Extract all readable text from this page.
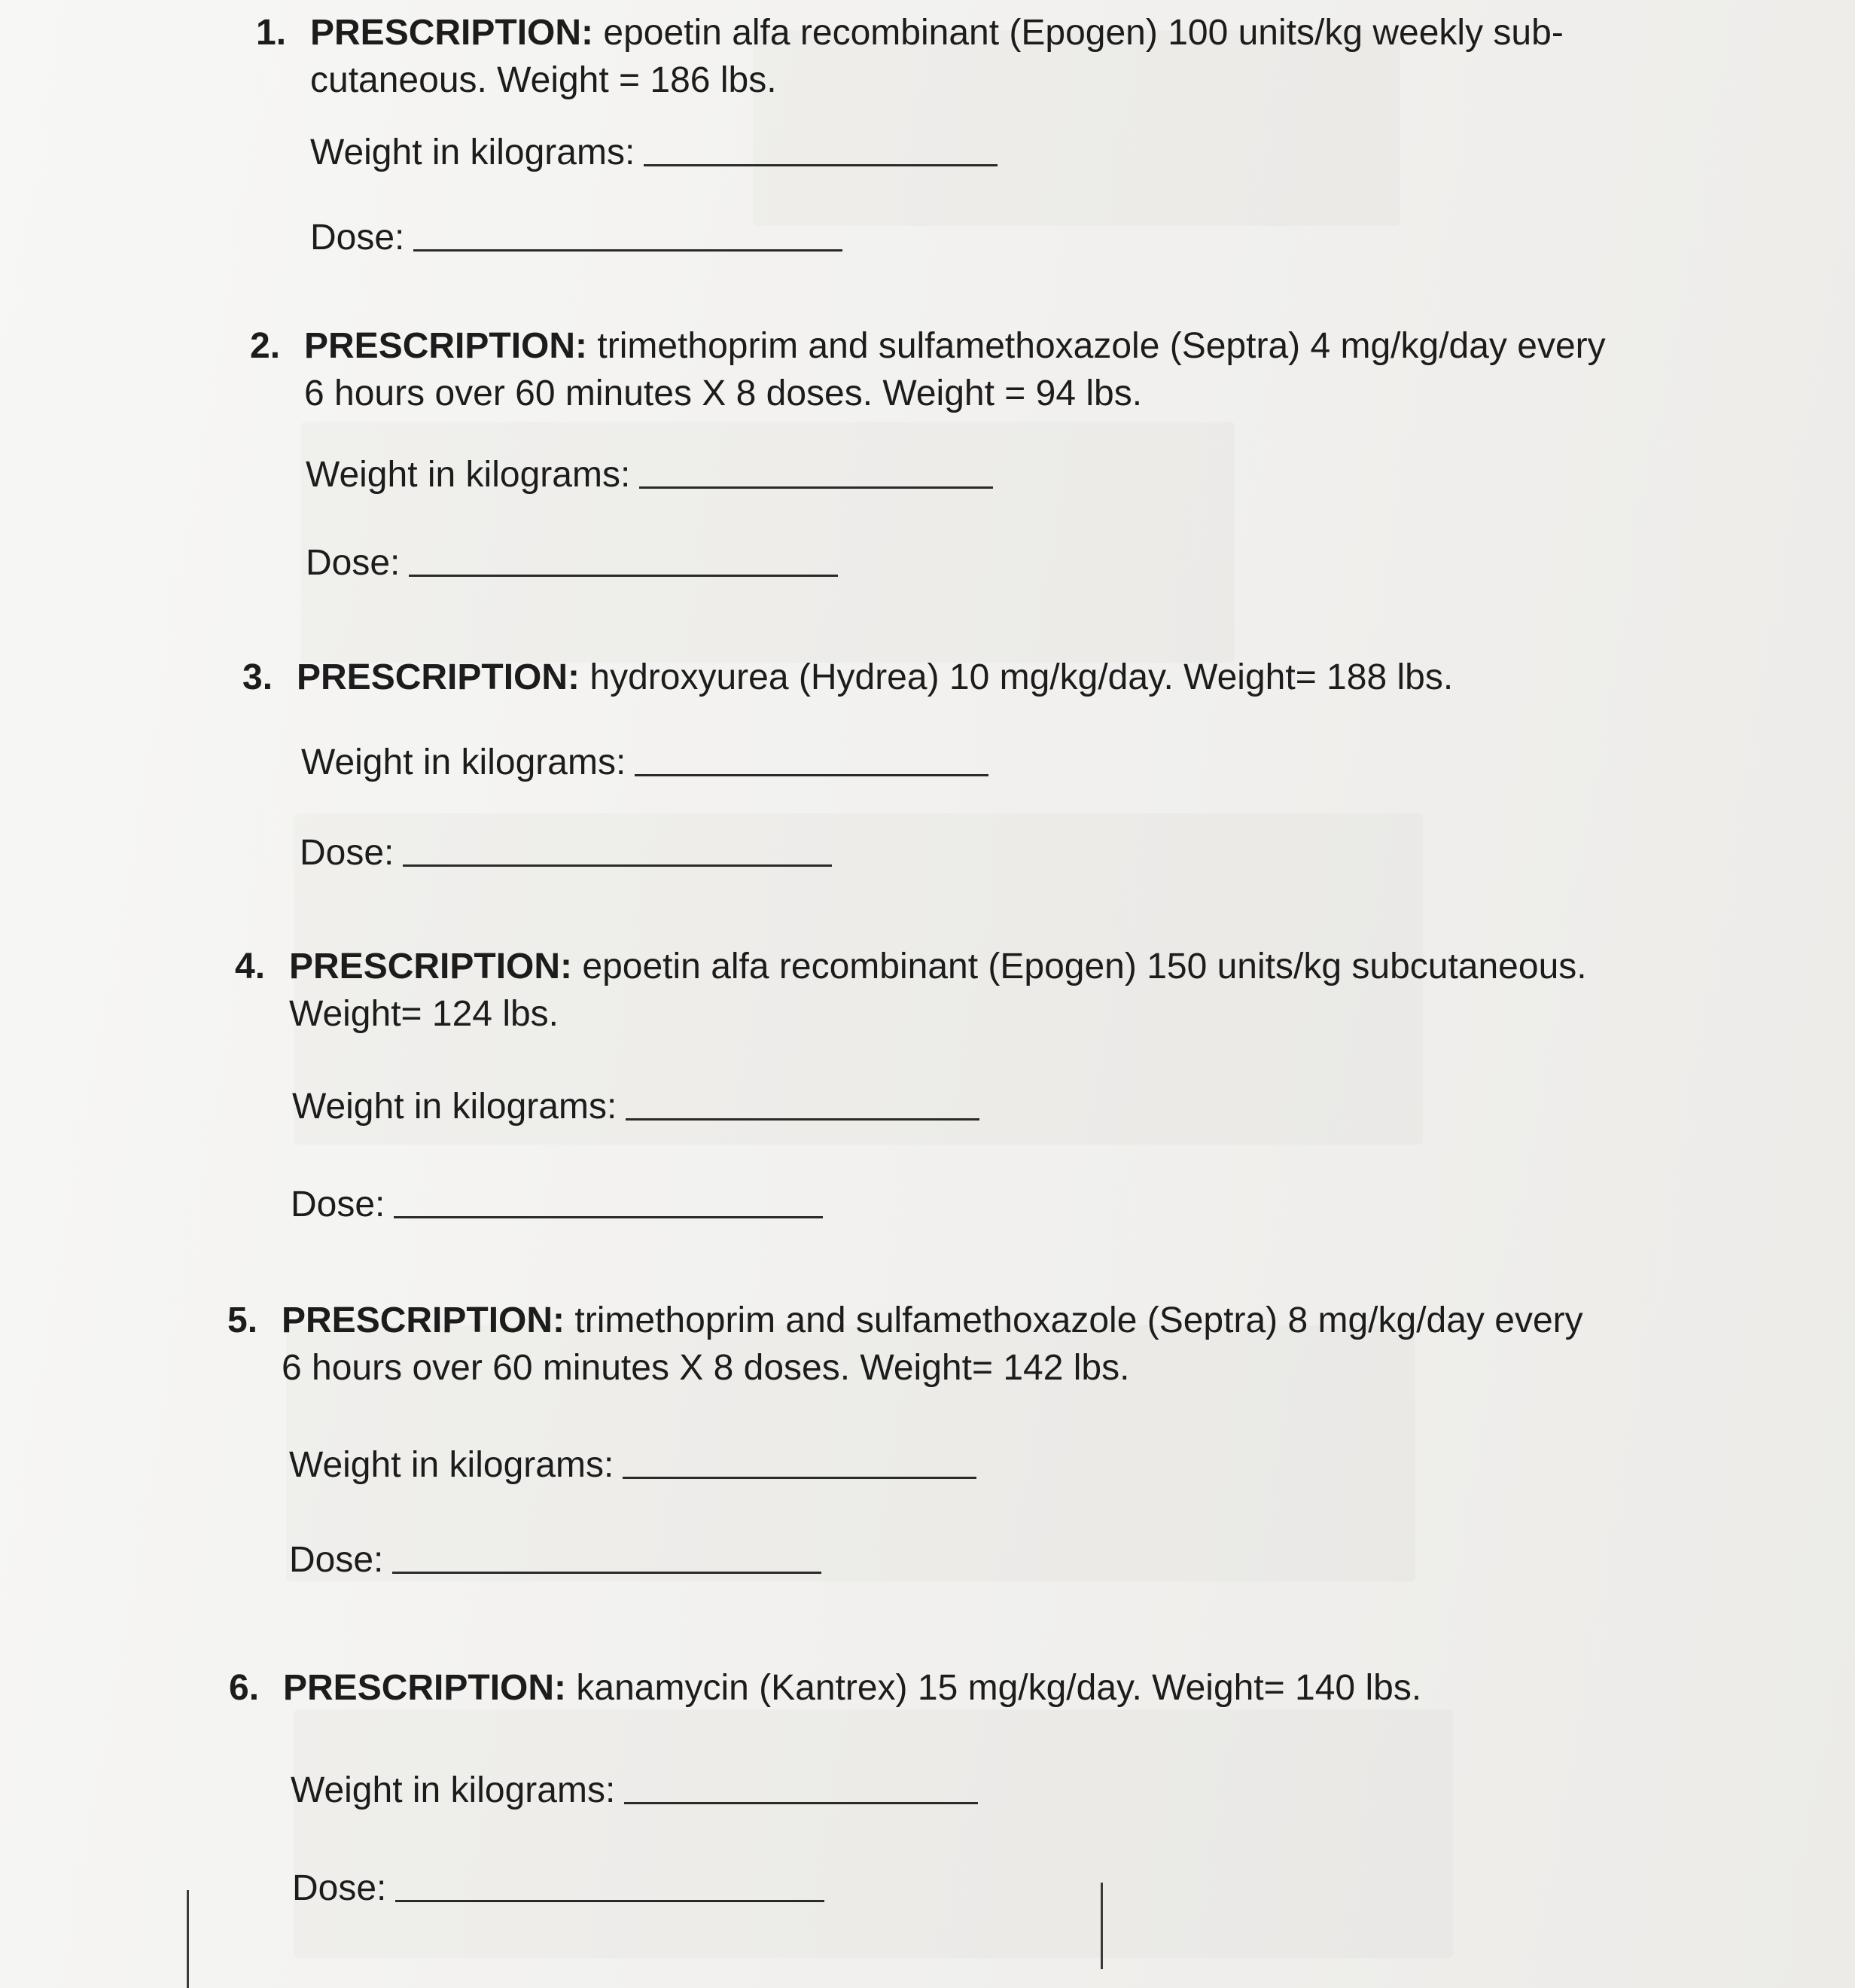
1. PRESCRIPTION: epoetin alfa recombinant (Epogen) 100 units/kg weekly sub-
cutaneous. Weight = 186 lbs.
Weight in kilograms:
Dose:
2. PRESCRIPTION: trimethoprim and sulfamethoxazole (Septra) 4 mg/kg/day every
6 hours over 60 minutes X 8 doses. Weight = 94 lbs.
Weight in kilograms:
Dose:
3. PRESCRIPTION: hydroxyurea (Hydrea) 10 mg/kg/day. Weight= 188 lbs.
Weight in kilograms:
Dose:
4. PRESCRIPTION: epoetin alfa recombinant (Epogen) 150 units/kg subcutaneous.
Weight= 124 lbs.
Weight in kilograms:
Dose:
5. PRESCRIPTION: trimethoprim and sulfamethoxazole (Septra) 8 mg/kg/day every
6 hours over 60 minutes X 8 doses. Weight= 142 lbs.
Weight in kilograms:
Dose:
6. PRESCRIPTION: kanamycin (Kantrex) 15 mg/kg/day. Weight= 140 lbs.
Weight in kilograms:
Dose:
